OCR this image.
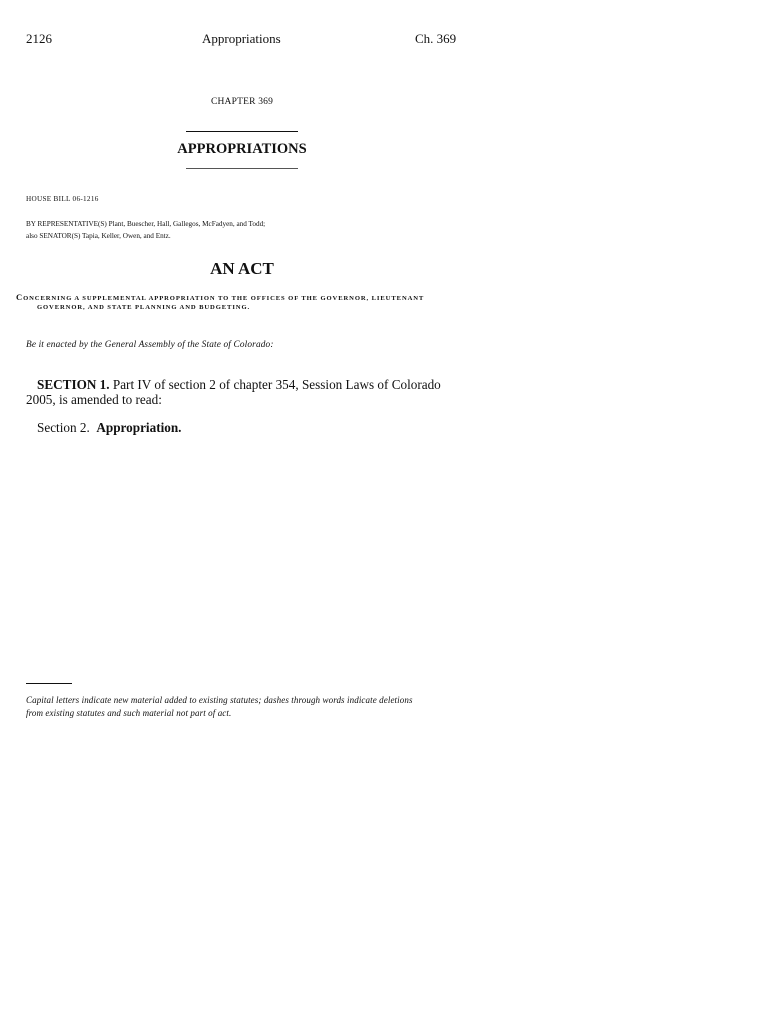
2126	Appropriations	Ch. 369
CHAPTER 369
APPROPRIATIONS
HOUSE BILL 06-1216
BY REPRESENTATIVE(S) Plant, Buescher, Hall, Gallegos, McFadyen, and Todd;
also SENATOR(S) Tapia, Keller, Owen, and Entz.
AN ACT
CONCERNING A SUPPLEMENTAL APPROPRIATION TO THE OFFICES OF THE GOVERNOR, LIEUTENANT
GOVERNOR, AND STATE PLANNING AND BUDGETING.
Be it enacted by the General Assembly of the State of Colorado:
SECTION 1. Part IV of section 2 of chapter 354, Session Laws of Colorado
2005, is amended to read:
Section 2.  Appropriation.
Capital letters indicate new material added to existing statutes; dashes through words indicate deletions
from existing statutes and such material not part of act.
